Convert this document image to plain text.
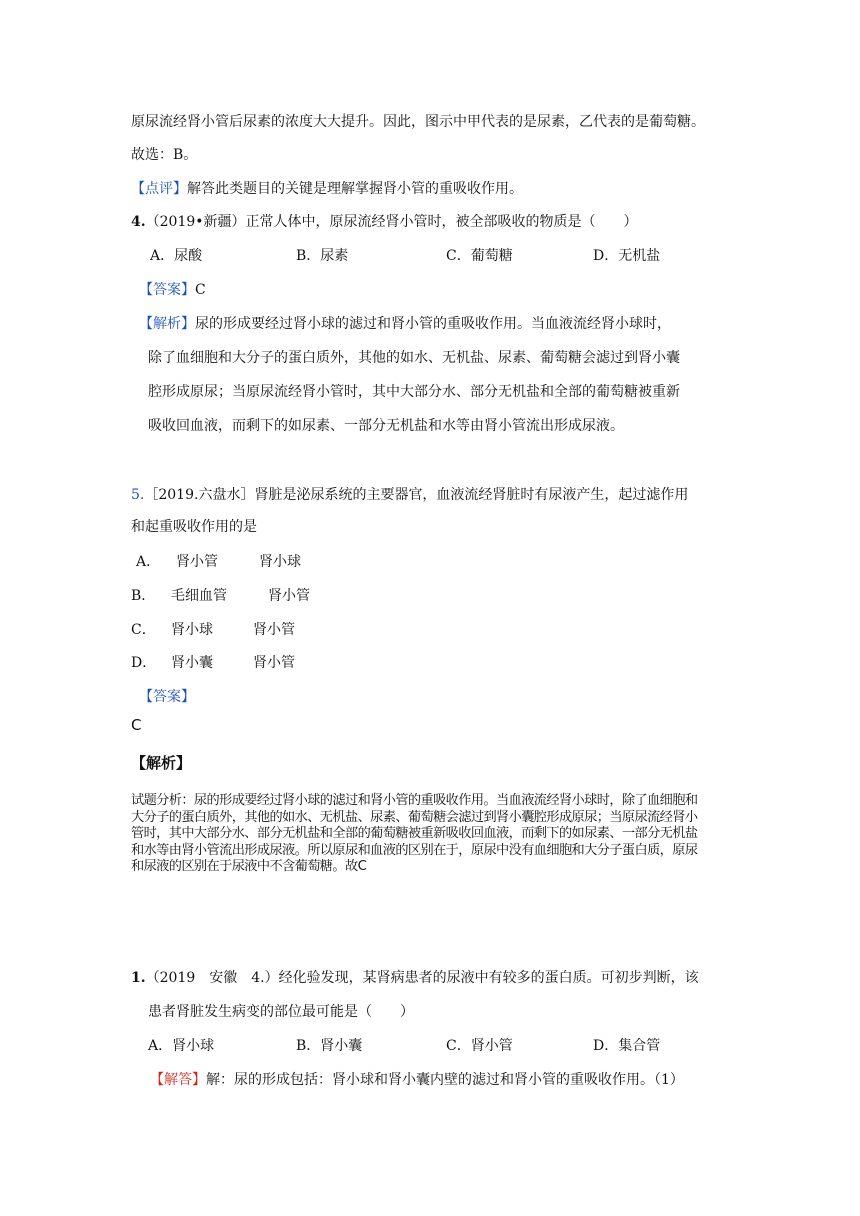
原尿流经肾小管后尿素的浓度大大提升。因此，图示中甲代表的是尿素，乙代表的是葡萄糖。
故选：B。
【点评】解答此类题目的关键是理解掌握肾小管的重吸收作用。
4.（2019•新疆）正常人体中，原尿流经肾小管时，被全部吸收的物质是（　　）
A．尿酸	B．尿素	C．葡萄糖	D．无机盐
【答案】C
【解析】尿的形成要经过肾小球的滤过和肾小管的重吸收作用。当血液流经肾小球时，
除了血细胞和大分子的蛋白质外，其他的如水、无机盐、尿素、葡萄糖会滤过到肾小囊
腔形成原尿；当原尿流经肾小管时，其中大部分水、部分无机盐和全部的葡萄糖被重新
吸收回血液，而剩下的如尿素、一部分无机盐和水等由肾小管流出形成尿液。
5.［2019.六盘水］肾脏是泌尿系统的主要器官，血液流经肾脏时有尿液产生，起过滤作用
和起重吸收作用的是
A． 肾小管	肾小球
B． 毛细血管	肾小管
C． 肾小球	肾小管
D． 肾小囊	肾小管
【答案】
C
【解析】
试题分析：尿的形成要经过肾小球的滤过和肾小管的重吸收作用。当血液流经肾小球时，除了血细胞和
大分子的蛋白质外，其他的如水、无机盐、尿素、葡萄糖会滤过到肾小囊腔形成原尿；当原尿流经肾小
管时，其中大部分水、部分无机盐和全部的葡萄糖被重新吸收回血液，而剩下的如尿素、一部分无机盐
和水等由肾小管流出形成尿液。所以原尿和血液的区别在于，原尿中没有血细胞和大分子蛋白质，原尿
和尿液的区别在于尿液中不含葡萄糖。故C
1.（2019　安徽　4.）经化验发现，某肾病患者的尿液中有较多的蛋白质。可初步判断，该
患者肾脏发生病变的部位最可能是（　　）
A．肾小球	B．肾小囊	C．肾小管	D．集合管
【解答】解：尿的形成包括：肾小球和肾小囊内壁的滤过和肾小管的重吸收作用。（1）
